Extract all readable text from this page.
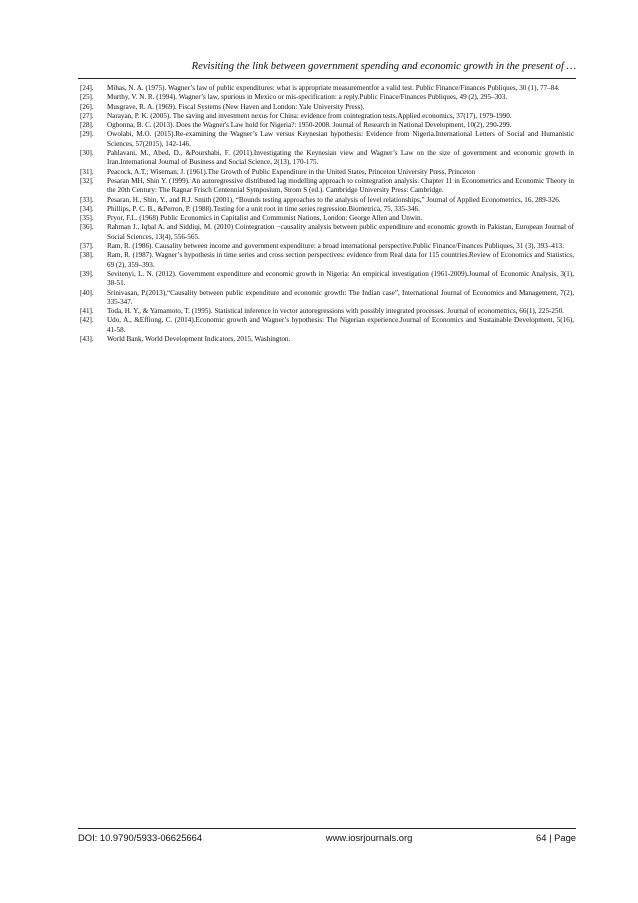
Revisiting the link between government spending and economic growth in the present of …
[24].	Mihas, N. A. (1975). Wagner’s law of public expenditures: what is appropriate measurementfor a valid test. Public Finance/Finances Publiques, 30 (1), 77–84.
[25].	Murthy, V. N. R. (1994). Wagner’s law, spurious in Mexico or mis-specification: a reply.Public Finace/Finances Publiques, 49 (2), 295–303.
[26].	Musgrave, R. A. (1969). Fiscal Systems (New Haven and London: Yale University Press).
[27].	Narayan, P. K. (2005). The saving and investment nexus for China: evidence from cointegration tests.Applied economics, 37(17), 1979-1990.
[28].	Ogbonna, B. C. (2013). Does the Wagner's Law hold for Nigeria?: 1950-2008. Journal of Research in National Development, 10(2), 290-299.
[29].	Owolabi, M.O. (2015).Re-examining the Wagner’s Law versus Keynesian hypothesis: Evidence from Nigeria.International Letters of Social and Humanistic Sciences, 57(2015), 142-146.
[30].	Pahlavani, M., Abed, D., &Pourshabi, F. (2011).Investigating the Keynesian view and Wagner’s Law on the size of government and economic growth in Iran.International Journal of Business and Social Science, 2(13), 170-175.
[31].	Peacock, A.T.; Wiseman, J. (1961).The Growth of Public Expenditure in the United States, Princeton University Press, Princeton
[32].	Pesaran MH, Shin Y. (1999). An autoregressive distributed lag modelling approach to cointegration analysis. Chapter 11 in Econometrics and Economic Theory in the 20th Century: The Ragnar Frisch Centennial Symposium, Strom S (ed.). Cambridge University Press: Cambridge.
[33].	Pesaran, H., Shin, Y., and R.J. Smith (2001), “Bounds testing approaches to the analysis of level relationships,” Journal of Applied Econometrics, 16, 289-326.
[34].	Phillips, P. C. B., &Perron, P. (1988).Testing for a unit root in time series regression.Biometrica, 75, 335-346.
[35].	Pryor, F.L. (1968) Public Economics in Capitalist and Communist Nations, London: George Allen and Unwin.
[36].	Rahman J., Iqbal A. and Siddiqi, M. (2010) Cointegration −causality analysis between public expenditure and economic growth in Pakistan, European Journal of Social Sciences, 13(4), 556-565.
[37].	Ram, R. (1986). Causality between income and government expenditure: a broad international perspective.Public Finance/Finances Publiques, 31 (3), 393–413.
[38].	Ram, R. (1987). Wagner’s hypothesis in time series and cross section perspectives: evidence from Real data for 115 countries.Review of Economics and Statistics, 69 (2), 359–393.
[39].	Sevitenyi, L. N. (2012). Government expenditure and economic growth in Nigeria: An empirical investigation (1961-2009).Journal of Economic Analysis, 3(1), 38-51.
[40].	Srinivasan, P.(2013),“Causality between public expenditure and economic growth: The Indian case”, International Journal of Economics and Management, 7(2), 335-347.
[41].	Toda, H. Y., & Yamamoto, T. (1995). Statistical inference in vector autoregressions with possibly integrated processes. Journal of econometrics, 66(1), 225-250.
[42].	Udo, A., &Effiong, C. (2014).Economic growth and Wagner’s hypothesis: The Nigerian experience.Journal of Economics and Sustainable Development, 5(16), 41-58.
[43].	World Bank, World Development Indicators, 2015, Washington.
DOI: 10.9790/5933-06625664	www.iosrjournals.org	64 | Page
